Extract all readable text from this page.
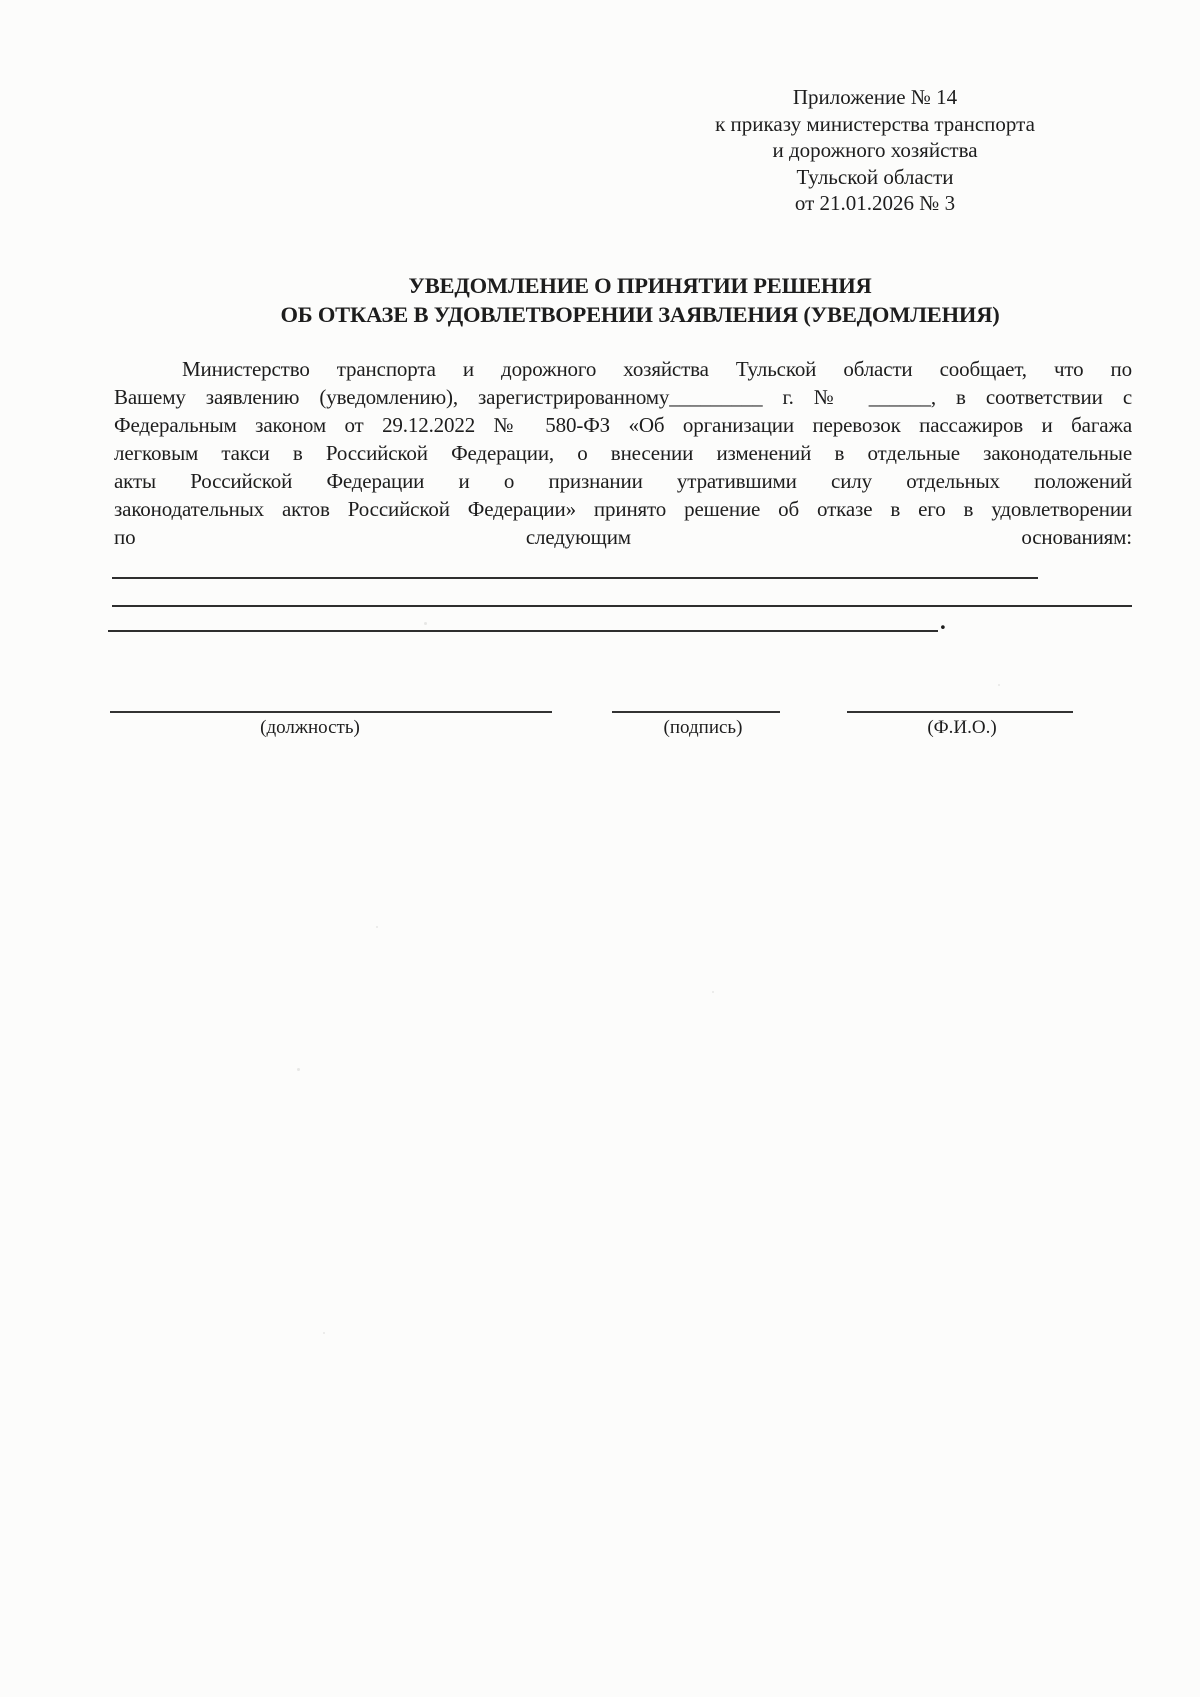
Приложение № 14
к приказу министерства транспорта
и дорожного хозяйства
Тульской области
от 21.01.2026 № 3
УВЕДОМЛЕНИЕ О ПРИНЯТИИ РЕШЕНИЯ
ОБ ОТКАЗЕ В УДОВЛЕТВОРЕНИИ ЗАЯВЛЕНИЯ (УВЕДОМЛЕНИЯ)
Министерство транспорта и дорожного хозяйства Тульской области сообщает, что по
Вашему заявлению (уведомлению), зарегистрированному_________ г. № ______, в соответствии с
Федеральным законом от 29.12.2022 № 580-ФЗ «Об организации перевозок пассажиров и багажа
легковым такси в Российской Федерации, о внесении изменений в отдельные законодательные
акты Российской Федерации и о признании утратившими силу отдельных положений
законодательных актов Российской Федерации» принято решение об отказе в его в удовлетворении
по следующим основаниям:
.
(должность)	(подпись)	(Ф.И.О.)
